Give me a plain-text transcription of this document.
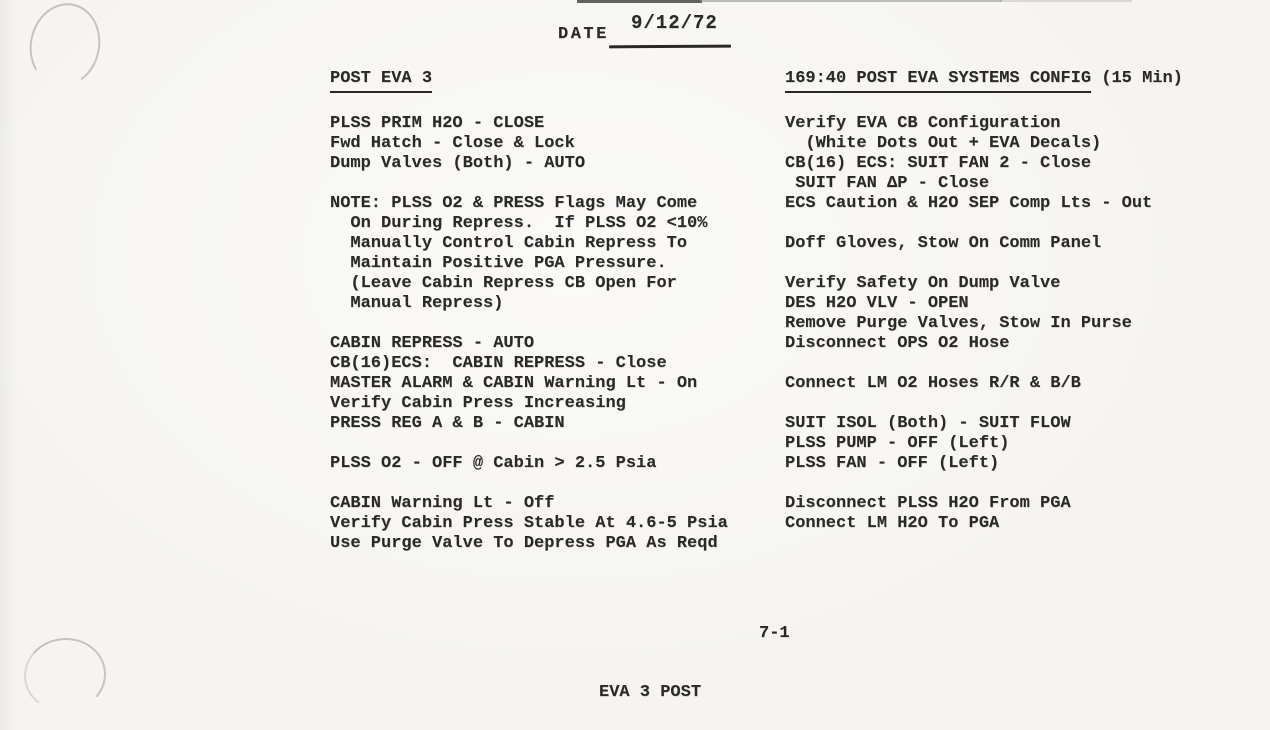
DATE
9/12/72
POST EVA 3
PLSS PRIM H2O - CLOSE
Fwd Hatch - Close & Lock
Dump Valves (Both) - AUTO
NOTE: PLSS O2 & PRESS Flags May Come
On During Repress.  If PLSS O2 <10%
Manually Control Cabin Repress To
Maintain Positive PGA Pressure.
(Leave Cabin Repress CB Open For
Manual Repress)
CABIN REPRESS - AUTO
CB(16)ECS:  CABIN REPRESS - Close
MASTER ALARM & CABIN Warning Lt - On
Verify Cabin Press Increasing
PRESS REG A & B - CABIN
PLSS O2 - OFF @ Cabin > 2.5 Psia
CABIN Warning Lt - Off
Verify Cabin Press Stable At 4.6-5 Psia
Use Purge Valve To Depress PGA As Reqd
169:40 POST EVA SYSTEMS CONFIG (15 Min)
Verify EVA CB Configuration
(White Dots Out + EVA Decals)
CB(16) ECS: SUIT FAN 2 - Close
SUIT FAN ΔP - Close
ECS Caution & H2O SEP Comp Lts - Out
Doff Gloves, Stow On Comm Panel
Verify Safety On Dump Valve
DES H2O VLV - OPEN
Remove Purge Valves, Stow In Purse
Disconnect OPS O2 Hose
Connect LM O2 Hoses R/R & B/B
SUIT ISOL (Both) - SUIT FLOW
PLSS PUMP - OFF (Left)
PLSS FAN - OFF (Left)
Disconnect PLSS H2O From PGA
Connect LM H2O To PGA
7-1
EVA 3 POST
